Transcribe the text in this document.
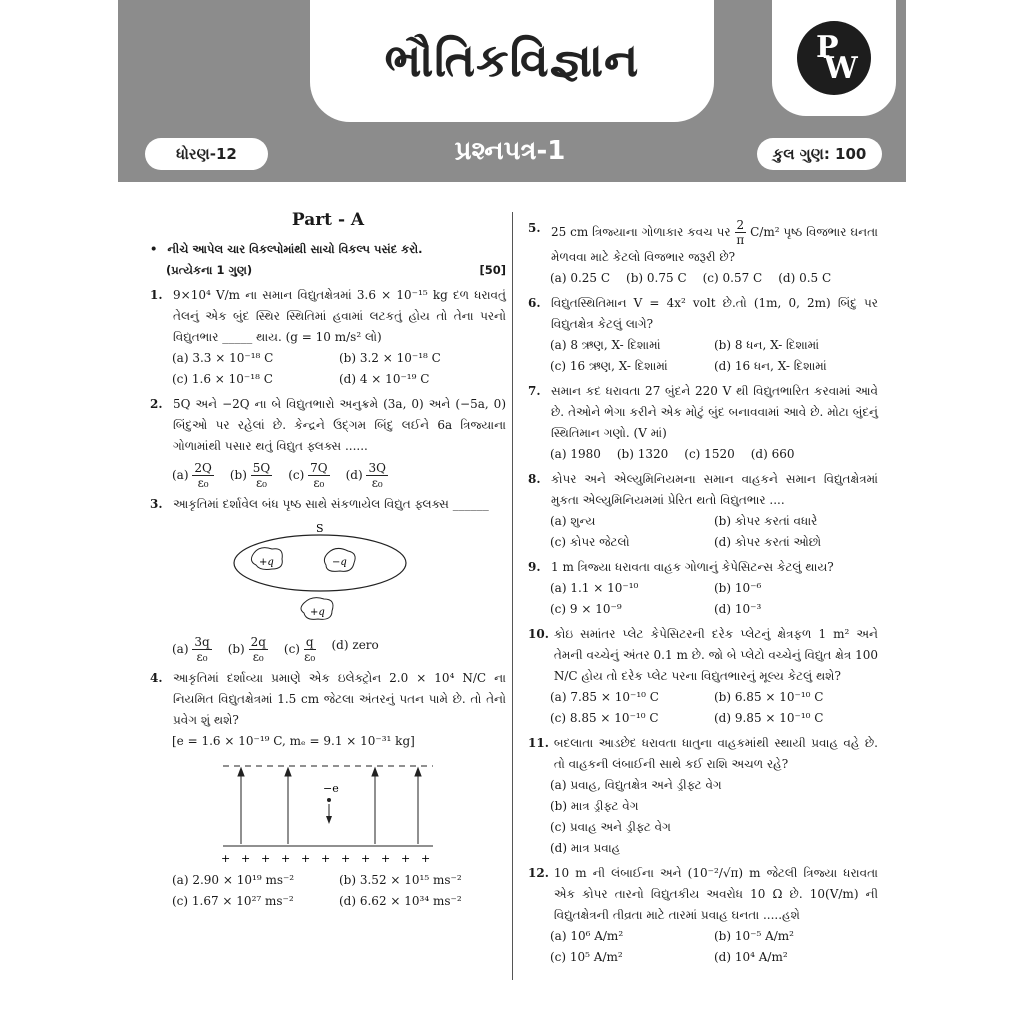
ભૌતિકવિજ્ઞાન	P
W
ધોરણ-12	પ્રશ્નપત્ર-1	કુલ ગુણ: 100
Part - A
• નીચે આપેલ ચાર વિકલ્પોમાંથી સાચો વિકલ્પ પસંદ કરો.
(પ્રત્યેકના 1 ગુણ)	[50]
1. 9×10⁴ V/m ના સમાન વિદ્યુતક્ષેત્રમાં 3.6 × 10⁻¹⁵ kg દળ ધરાવતું તેલનું એક બુંદ સ્થિર સ્થિતિમાં હવામાં લટકતું હોય તો તેના પરનો વિદ્યુતભાર _____ થાય. (g = 10 m/s² લો)
(a) 3.3 × 10⁻¹⁸ C	(b) 3.2 × 10⁻¹⁸ C
(c) 1.6 × 10⁻¹⁸ C	(d) 4 × 10⁻¹⁹ C
2. 5Q અને −2Q ના બે વિદ્યુતભારો અનુક્રમે (3a, 0) અને (−5a, 0) બિંદુઓ પર રહેલાં છે. કેન્દ્રને ઉદ્ગમ બિંદુ લઈને 6a ત્રિજ્યાના ગોળામાંથી પસાર થતું વિદ્યુત ફ્લક્સ ......
$(a) \frac{2Q}{\text{ε₀}} (b) \frac{5Q}{\text{ε₀}} (c) \frac{7Q}{\text{ε₀}} (d) \frac{3Q}{\text{ε₀}}$
3. આકૃતિમાં દર્શાવેલ બંધ પૃષ્ઠ સાથે સંકળાયેલ વિદ્યુત ફ્લક્સ ______
S
+q	−q
+q
$(a) \frac{3q}{\text{ε₀}} (b) \frac{2q}{\text{ε₀}} (c) \frac{q}{\text{ε₀}} (d)$ zero
4. આકૃતિમાં દર્શાવ્યા પ્રમાણે એક ઇલેક્ટ્રોન 2.0 × 10⁴ N/C ના નિયમિત વિદ્યુતક્ષેત્રમાં 1.5 cm જેટલા અંતરનું પતન પામે છે. તો તેનો પ્રવેગ શું થશે?
[e = 1.6 × 10⁻¹⁹ C, mₑ = 9.1 × 10⁻³¹ kg]
−e
+ + + + + + + + + + +
(a) 2.90 × 10¹⁹ ms⁻²	(b) 3.52 × 10¹⁵ ms⁻²
(c) 1.67 × 10²⁷ ms⁻²	(d) 6.62 × 10³⁴ ms⁻²
5. 25 cm ત્રિજ્યાના ગોળાકાર કવચ પર $\frac{2}{\pi} C/m^2$ પૃષ્ઠ વિજભાર ઘનતા મેળવવા માટે કેટલો વિજભાર જરૂરી છે?
(a) 0.25 C (b) 0.75 C (c) 0.57 C (d) 0.5 C
6. વિદ્યુતસ્થિતિમાન V = 4x² volt છે.તો (1m, 0, 2m) બિંદુ પર વિદ્યુતક્ષેત્ર કેટલું લાગે?
(a) 8 ઋણ, X- દિશામાં	(b) 8 ધન, X- દિશામાં
(c) 16 ઋણ, X- દિશામાં	(d) 16 ધન, X- દિશામાં
7. સમાન કદ ધરાવતા 27 બુંદને 220 V થી વિદ્યુતભારિત કરવામાં આવે છે. તેઓને ભેગા કરીને એક મોટું બુંદ બનાવવામાં આવે છે. મોટા બુંદનું સ્થિતિમાન ગણો. (V માં)
(a) 1980 (b) 1320 (c) 1520 (d) 660
8. કોપર અને એલ્યુમિનિયમના સમાન વાહકને સમાન વિદ્યુતક્ષેત્રમાં મુકતા એલ્યુમિનિયમમાં પ્રેરિત થતો વિદ્યુતભાર ....
(a) શુન્ય	(b) કોપર કરતાં વધારે
(c) કોપર જેટલો	(d) કોપર કરતાં ઓછો
9. 1 m ત્રિજ્યા ધરાવતા વાહક ગોળાનું કેપેસિટન્સ કેટલું થાય?
(a) 1.1 × 10⁻¹⁰	(b) 10⁻⁶
(c) 9 × 10⁻⁹	(d) 10⁻³
10. કોઇ સમાંતર પ્લેટ કેપેસિટરની દરેક પ્લેટનું ક્ષેત્રફળ 1 m² અને તેમની વચ્ચેનું અંતર 0.1 m છે. જો બે પ્લેટો વચ્ચેનું વિદ્યુત ક્ષેત્ર 100 N/C હોય તો દરેક પ્લેટ પરના વિદ્યુતભારનું મૂલ્ય કેટલું થશે?
(a) 7.85 × 10⁻¹⁰ C	(b) 6.85 × 10⁻¹⁰ C
(c) 8.85 × 10⁻¹⁰ C	(d) 9.85 × 10⁻¹⁰ C
11. બદલાતા આડછેદ ધરાવતા ધાતુના વાહકમાંથી સ્થાયી પ્રવાહ વહે છે. તો વાહકની લંબાઈની સાથે કઈ રાશિ અચળ રહે?
(a) પ્રવાહ, વિદ્યુતક્ષેત્ર અને ડ્રીફ્ટ વેગ
(b) માત્ર ડ્રીફ્ટ વેગ
(c) પ્રવાહ અને ડ્રીફ્ટ વેગ
(d) માત્ર પ્રવાહ
12. 10 m ની લંબાઈના અને (10⁻²/√π) m જેટલી ત્રિજ્યા ધરાવતા એક કોપર તારનો વિદ્યુતકીય અવરોધ 10 Ω છે. 10(V/m) ની વિદ્યુતક્ષેત્રની તીવ્રતા માટે તારમાં પ્રવાહ ઘનતા .....હશે
(a) 10⁶ A/m²	(b) 10⁻⁵ A/m²
(c) 10⁵ A/m²	(d) 10⁴ A/m²
